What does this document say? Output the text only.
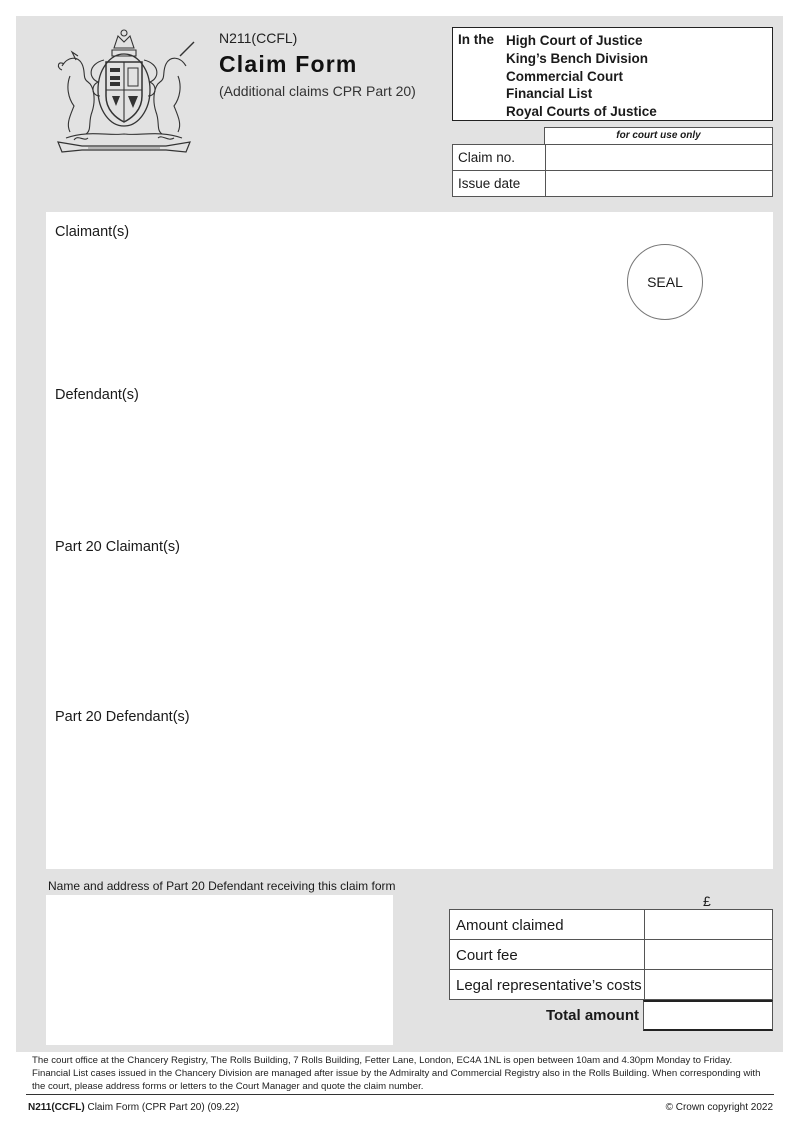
N211(CCFL)
Claim Form
(Additional claims CPR Part 20)
In the High Court of Justice
King’s Bench Division
Commercial Court
Financial List
Royal Courts of Justice
for court use only
Claim no.
Issue date
Claimant(s)
SEAL
Defendant(s)
Part 20 Claimant(s)
Part 20 Defendant(s)
Name and address of Part 20 Defendant receiving this claim form
£
Amount claimed
Court fee
Legal representative’s costs
Total amount
The court office at the Chancery Registry, The Rolls Building, 7 Rolls Building, Fetter Lane, London, EC4A 1NL is open between 10am and 4.30pm Monday to Friday. Financial List cases issued in the Chancery Division are managed after issue by the Admiralty and Commercial Registry also in the Rolls Building. When corresponding with the court, please address forms or letters to the Court Manager and quote the claim number.
N211(CCFL) Claim Form (CPR Part 20) (09.22)	© Crown copyright 2022
